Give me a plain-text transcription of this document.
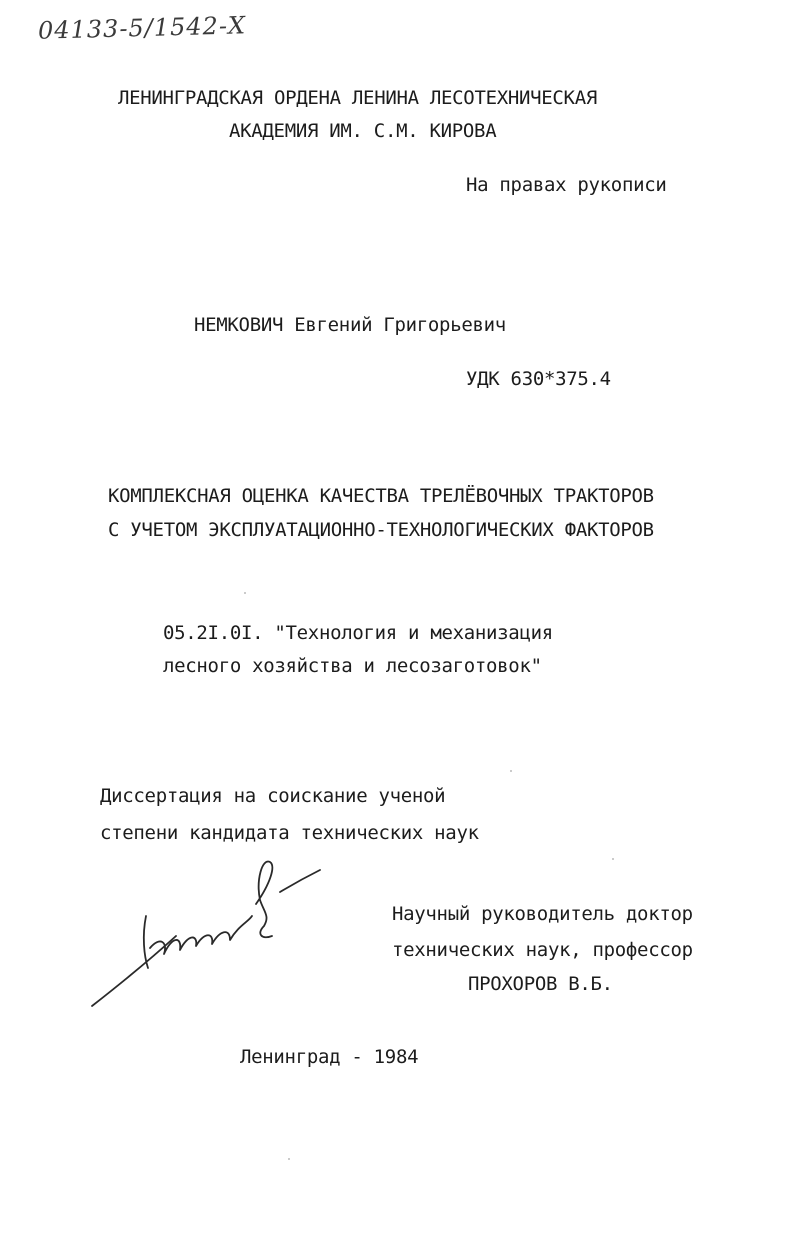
04133-5/1542-Х
ЛЕНИНГРАДСКАЯ ОРДЕНА ЛЕНИНА ЛЕСОТЕХНИЧЕСКАЯ
АКАДЕМИЯ ИМ. С.М. КИРОВА
На правах рукописи
НЕМКОВИЧ Евгений Григорьевич
УДК 630*375.4
КОМПЛЕКСНАЯ ОЦЕНКА КАЧЕСТВА ТРЕЛЁВОЧНЫХ ТРАКТОРОВ
С УЧЕТОМ ЭКСПЛУАТАЦИОННО-ТЕХНОЛОГИЧЕСКИХ ФАКТОРОВ
05.2I.0I. "Технология и механизация
лесного хозяйства и лесозаготовок"
Диссертация на соискание ученой
степени кандидата технических наук
Научный руководитель доктор
технических наук, профессор
ПРОХОРОВ В.Б.
Ленинград - 1984
